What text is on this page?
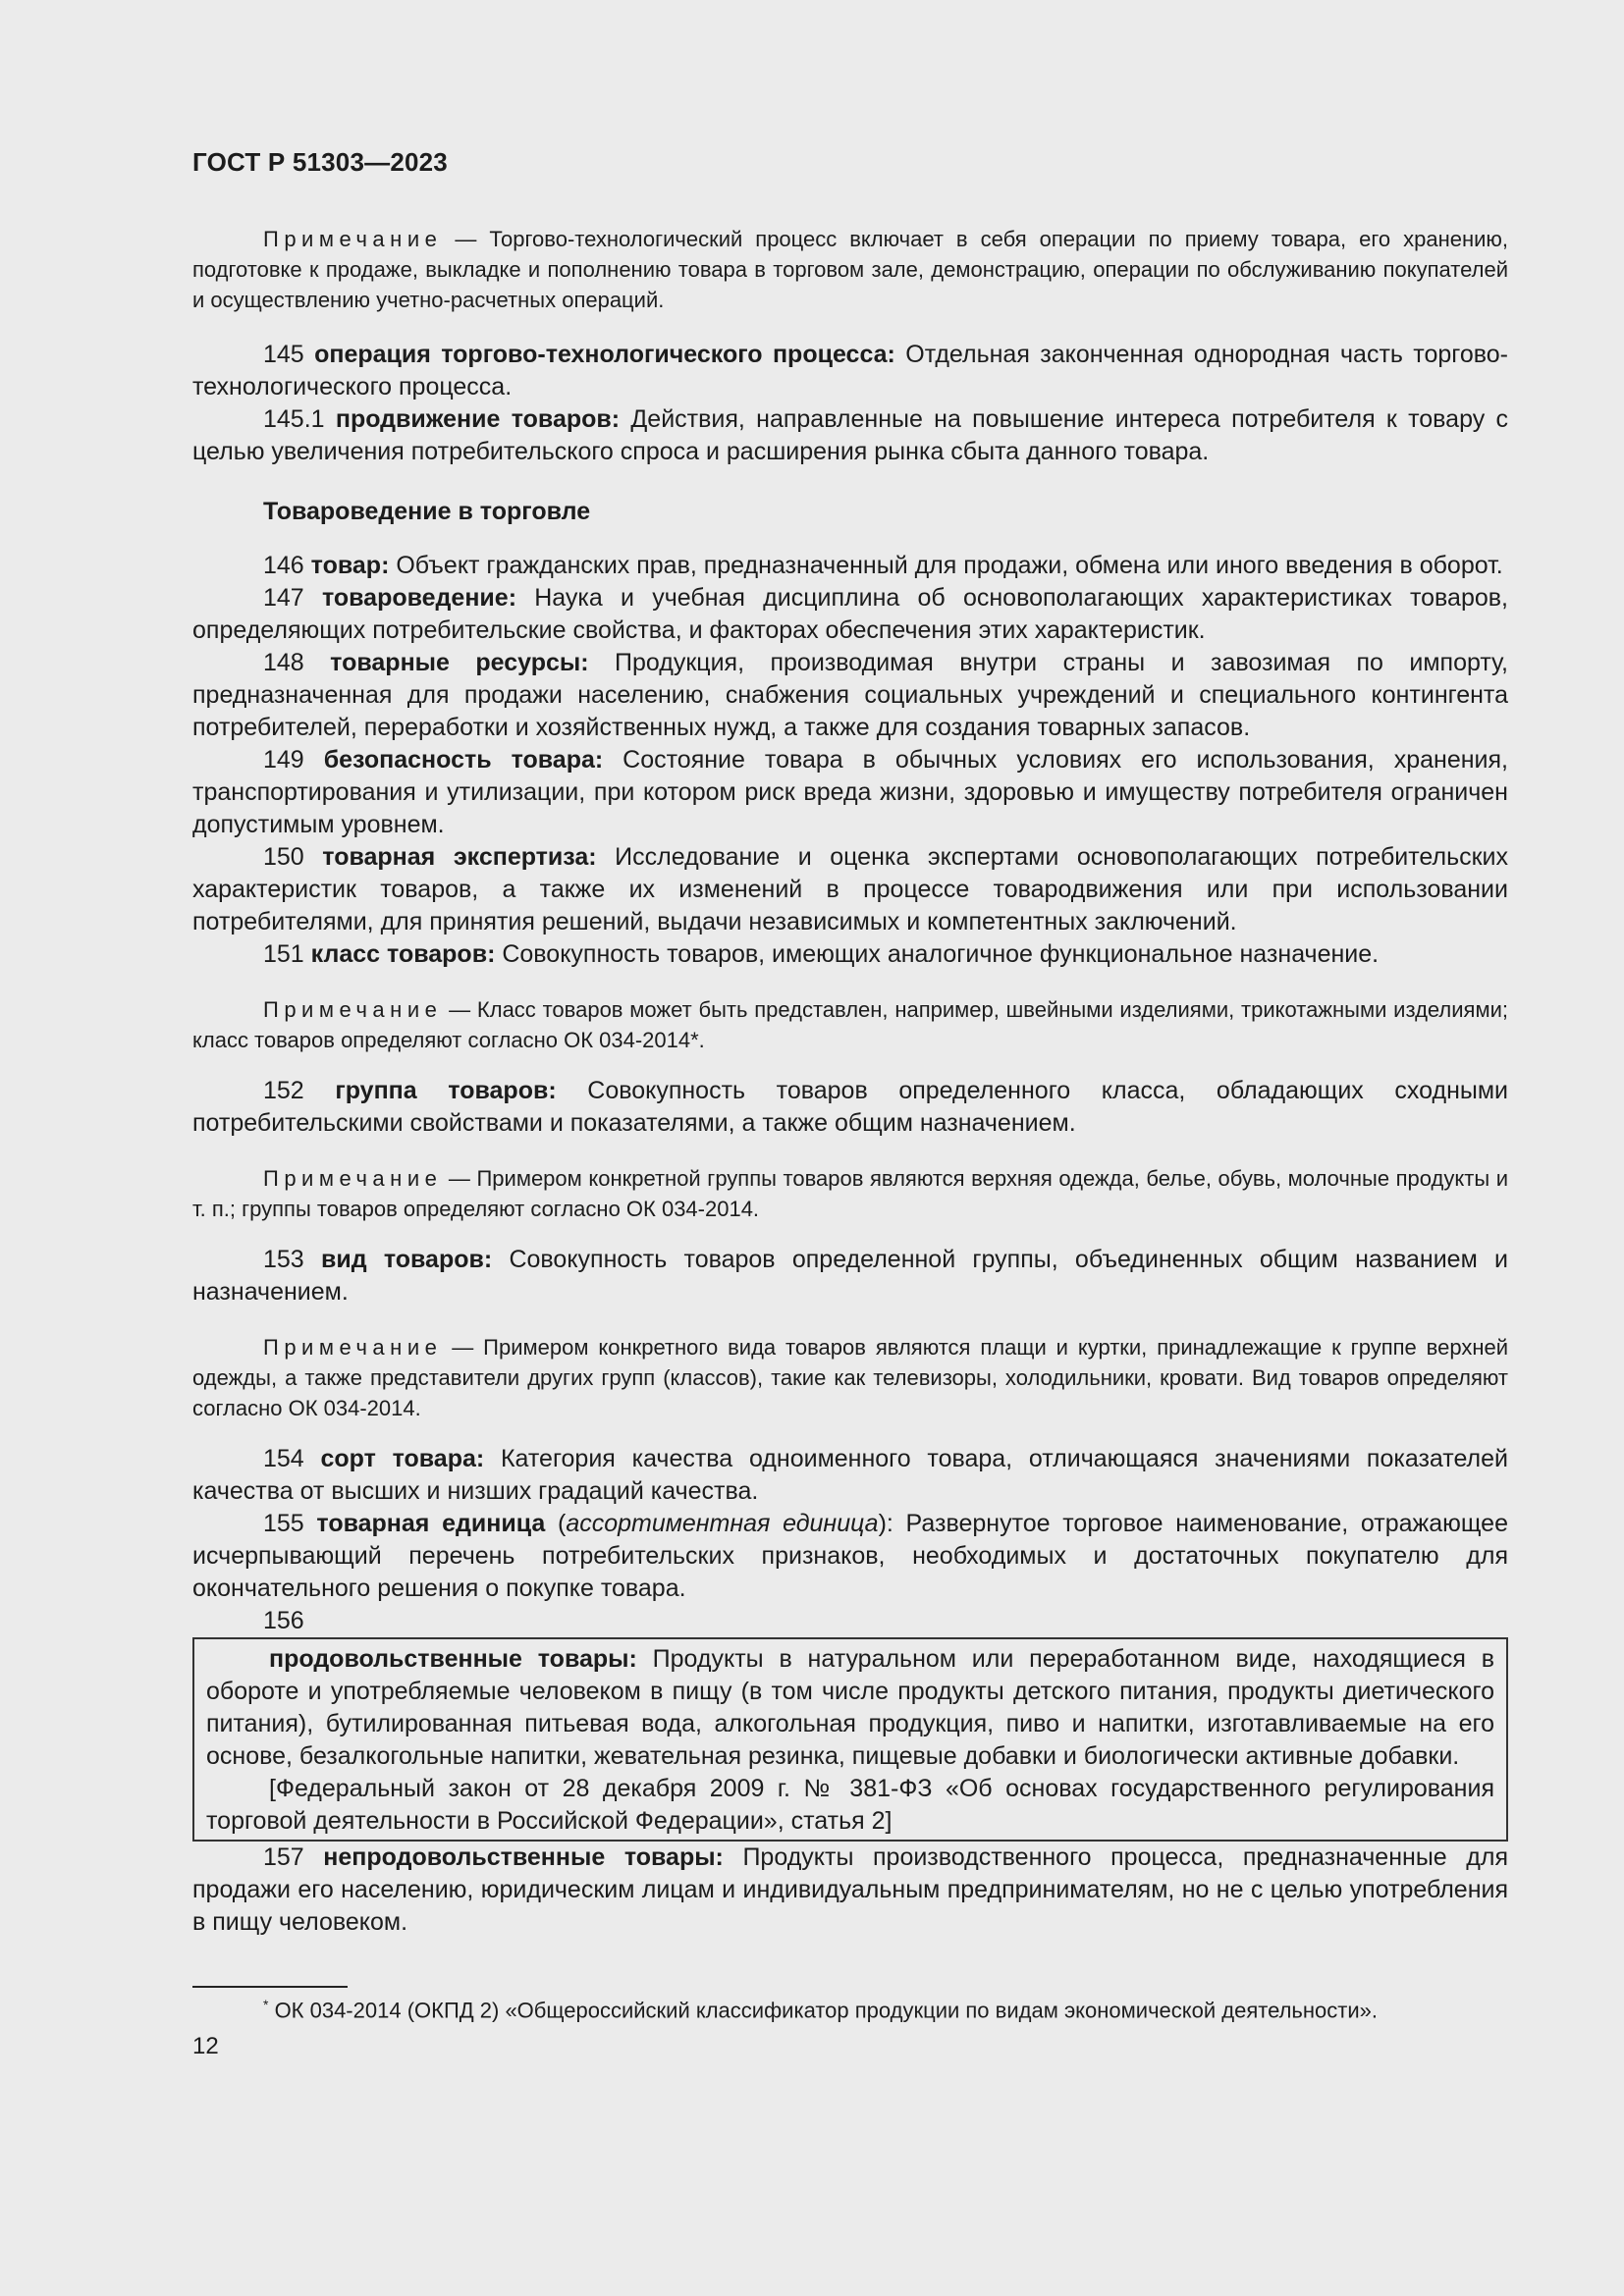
ГОСТ Р 51303—2023

Примечание — Торгово-технологический процесс включает в себя операции по приему товара, его хранению, подготовке к продаже, выкладке и пополнению товара в торговом зале, демонстрацию, операции по обслуживанию покупателей и осуществлению учетно-расчетных операций.

145 операция торгово-технологического процесса: Отдельная законченная однородная часть торгово-технологического процесса.

145.1 продвижение товаров: Действия, направленные на повышение интереса потребителя к товару с целью увеличения потребительского спроса и расширения рынка сбыта данного товара.

Товароведение в торговле

146 товар: Объект гражданских прав, предназначенный для продажи, обмена или иного введения в оборот.

147 товароведение: Наука и учебная дисциплина об основополагающих характеристиках товаров, определяющих потребительские свойства, и факторах обеспечения этих характеристик.

148 товарные ресурсы: Продукция, производимая внутри страны и завозимая по импорту, предназначенная для продажи населению, снабжения социальных учреждений и специального контингента потребителей, переработки и хозяйственных нужд, а также для создания товарных запасов.

149 безопасность товара: Состояние товара в обычных условиях его использования, хранения, транспортирования и утилизации, при котором риск вреда жизни, здоровью и имуществу потребителя ограничен допустимым уровнем.

150 товарная экспертиза: Исследование и оценка экспертами основополагающих потребительских характеристик товаров, а также их изменений в процессе товародвижения или при использовании потребителями, для принятия решений, выдачи независимых и компетентных заключений.

151 класс товаров: Совокупность товаров, имеющих аналогичное функциональное назначение.

Примечание — Класс товаров может быть представлен, например, швейными изделиями, трикотажными изделиями; класс товаров определяют согласно ОК 034-2014*.

152 группа товаров: Совокупность товаров определенного класса, обладающих сходными потребительскими свойствами и показателями, а также общим назначением.

Примечание — Примером конкретной группы товаров являются верхняя одежда, белье, обувь, молочные продукты и т. п.; группы товаров определяют согласно ОК 034-2014.

153 вид товаров: Совокупность товаров определенной группы, объединенных общим названием и назначением.

Примечание — Примером конкретного вида товаров являются плащи и куртки, принадлежащие к группе верхней одежды, а также представители других групп (классов), такие как телевизоры, холодильники, кровати. Вид товаров определяют согласно ОК 034-2014.

154 сорт товара: Категория качества одноименного товара, отличающаяся значениями показателей качества от высших и низших градаций качества.

155 товарная единица (ассортиментная единица): Развернутое торговое наименование, отражающее исчерпывающий перечень потребительских признаков, необходимых и достаточных покупателю для окончательного решения о покупке товара.

156

продовольственные товары: Продукты в натуральном или переработанном виде, находящиеся в обороте и употребляемые человеком в пищу (в том числе продукты детского питания, продукты диетического питания), бутилированная питьевая вода, алкогольная продукция, пиво и напитки, изготавливаемые на его основе, безалкогольные напитки, жевательная резинка, пищевые добавки и биологически активные добавки.

[Федеральный закон от 28 декабря 2009 г. № 381-ФЗ «Об основах государственного регулирования торговой деятельности в Российской Федерации», статья 2]

157 непродовольственные товары: Продукты производственного процесса, предназначенные для продажи его населению, юридическим лицам и индивидуальным предпринимателям, но не с целью употребления в пищу человеком.

* ОК 034-2014 (ОКПД 2) «Общероссийский классификатор продукции по видам экономической деятельности».

12
